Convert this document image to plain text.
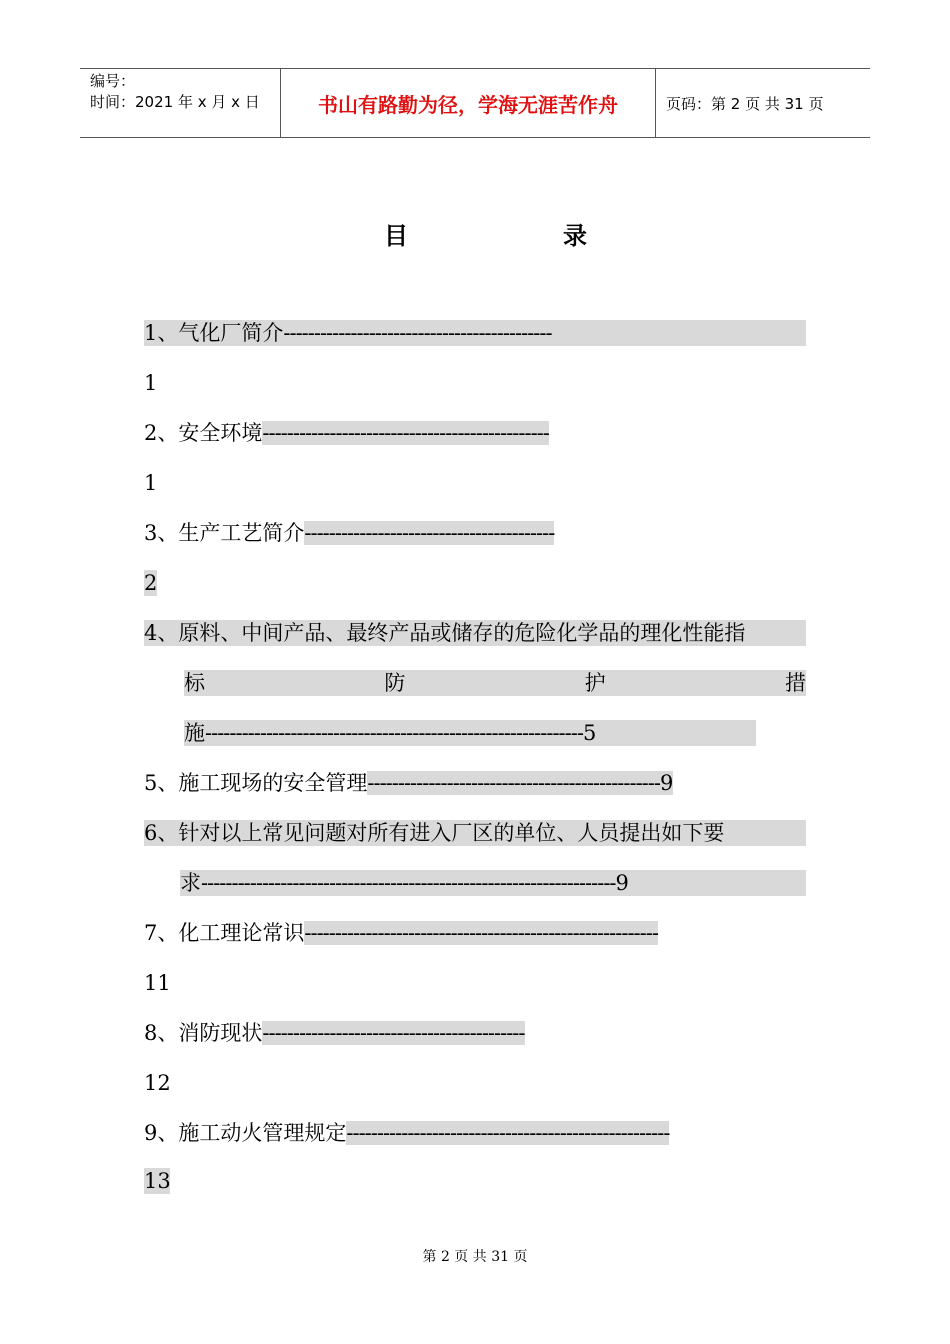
编号：
时间：2021 年 x 月 x 日	书山有路勤为径，学海无涯苦作舟	页码：第 2 页 共 31 页
目	录
1、气化厂简介--------------------------------------------
1
2、安全环境-----------------------------------------------
1
3、生产工艺简介-----------------------------------------
2
4、原料、中间产品、最终产品或储存的危险化学品的理化性能指
标	防	护	措
施--------------------------------------------------------------5
5、施工现场的安全管理------------------------------------------------9
6、针对以上常见问题对所有进入厂区的单位、人员提出如下要
求--------------------------------------------------------------------9
7、化工理论常识----------------------------------------------------------
11
8、消防现状-------------------------------------------
12
9、施工动火管理规定-----------------------------------------------------
13
第 2 页 共 31 页
